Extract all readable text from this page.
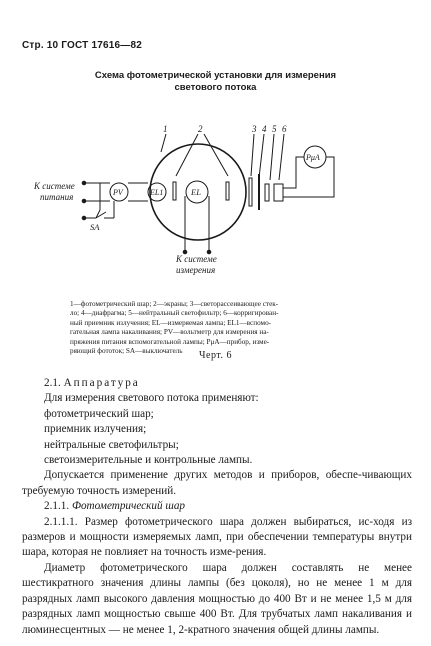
Стр. 10 ГОСТ 17616—82
Схема фотометрической установки для измерения
светового потока
1	2	3 4 5 6
PV	EL1	EL
PμA
SA
К системе
питания
К системе
измерения
1—фотометрический шар; 2—экраны; 3—светорассеивающее стек-
ло; 4—диафрагма; 5—нейтральный светофильтр; 6—корригирован-
ный приемник излучения; EL—измеряемая лампа; EL1—вспомо-
гательная лампа накаливания; PV—вольтметр для измерения на-
пряжения питания вспомогательной лампы; PμA—прибор, изме-
ряющий фототок; SA—выключатель	Черт. 6

2.1. Аппаратура

Для измерения светового потока применяют:

фотометрический шар;

приемник излучения;

нейтральные светофильтры;

светоизмерительные и контрольные лампы.

Допускается применение других методов и приборов, обеспе-чивающих требуемую точность измерений.

2.1.1. Фотометрический шар

2.1.1.1. Размер фотометрического шара должен выбираться, ис-ходя из размеров и мощности измеряемых ламп, при обеспечении температуры внутри шара, которая не повлияет на точность изме-рения.

Диаметр фотометрического шара должен составлять не менее шестикратного значения длины лампы (без цоколя), но не менее 1 м для разрядных ламп высокого давления мощностью до 400 Вт и не менее 1,5 м для разрядных ламп мощностью свыше 400 Вт. Для трубчатых ламп накаливания и люминесцентных — не менее 1, 2-кратного значения общей длины лампы.
